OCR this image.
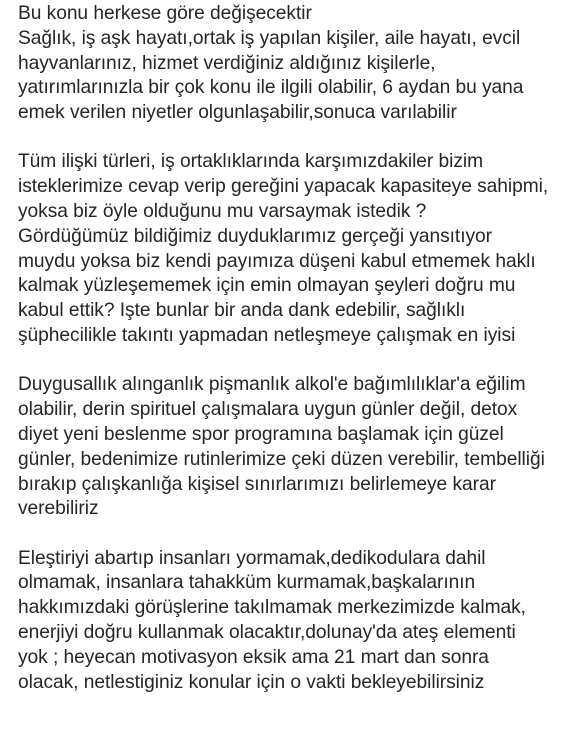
Bu konu herkese göre değişecektir
Sağlık, iş aşk hayatı,ortak iş yapılan kişiler, aile hayatı, evcil
hayvanlarınız, hizmet verdiğiniz aldığınız kişilerle,
yatırımlarınızla bir çok konu ile ilgili olabilir, 6 aydan bu yana
emek verilen niyetler olgunlaşabilir,sonuca varılabilir

Tüm ilişki türleri, iş ortaklıklarında karşımızdakiler bizim
isteklerimize cevap verip gereğini yapacak kapasiteye sahipmi,
yoksa biz öyle olduğunu mu varsaymak istedik ?
Gördüğümüz bildiğimiz duyduklarımız gerçeği yansıtıyor
muydu yoksa biz kendi payımıza düşeni kabul etmemek haklı
kalmak yüzleşememek için emin olmayan şeyleri doğru mu
kabul ettik? Işte bunlar bir anda dank edebilir, sağlıklı
şüphecilikle takıntı yapmadan netleşmeye çalışmak en iyisi

Duygusallık alınganlık pişmanlık alkol'e bağımlılıklar'a eğilim
olabilir, derin spirituel çalışmalara uygun günler değil, detox
diyet yeni beslenme spor programına başlamak için güzel
günler, bedenimize rutinlerimize çeki düzen verebilir, tembelliği
bırakıp çalışkanlığa kişisel sınırlarımızı belirlemeye karar
verebiliriz

Eleştiriyi abartıp insanları yormamak,dedikodulara dahil
olmamak, insanlara tahakküm kurmamak,başkalarının
hakkımızdaki görüşlerine takılmamak merkezimizde kalmak,
enerjiyi doğru kullanmak olacaktır,dolunay'da ateş elementi
yok ; heyecan motivasyon eksik ama 21 mart dan sonra
olacak, netlestiginiz konular için o vakti bekleyebilirsiniz
